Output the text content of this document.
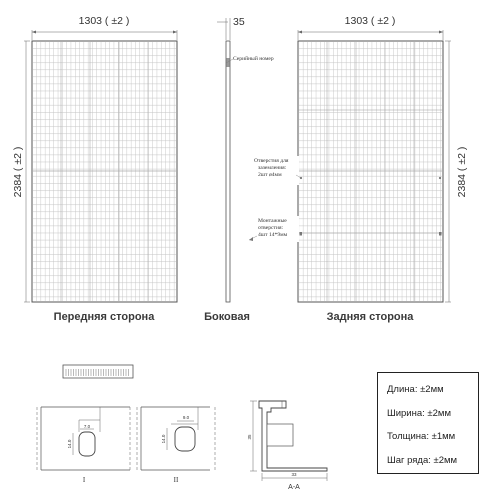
1303 ( ±2 )
2384 ( ±2 )
Передняя сторона
35
Серийный номер
Боковая
1303 ( ±2 )
2384 ( ±2 )
Отверстия для заземления: 2шт ø4мм
Монтажные отверстия: 4шт 14*9мм
Задняя сторона
7.0
14.0
I
9.0
14.0
II
35
33
A-A
Длина: ±2мм
Ширина: ±2мм
Толщина: ±1мм
Шаг ряда: ±2мм
